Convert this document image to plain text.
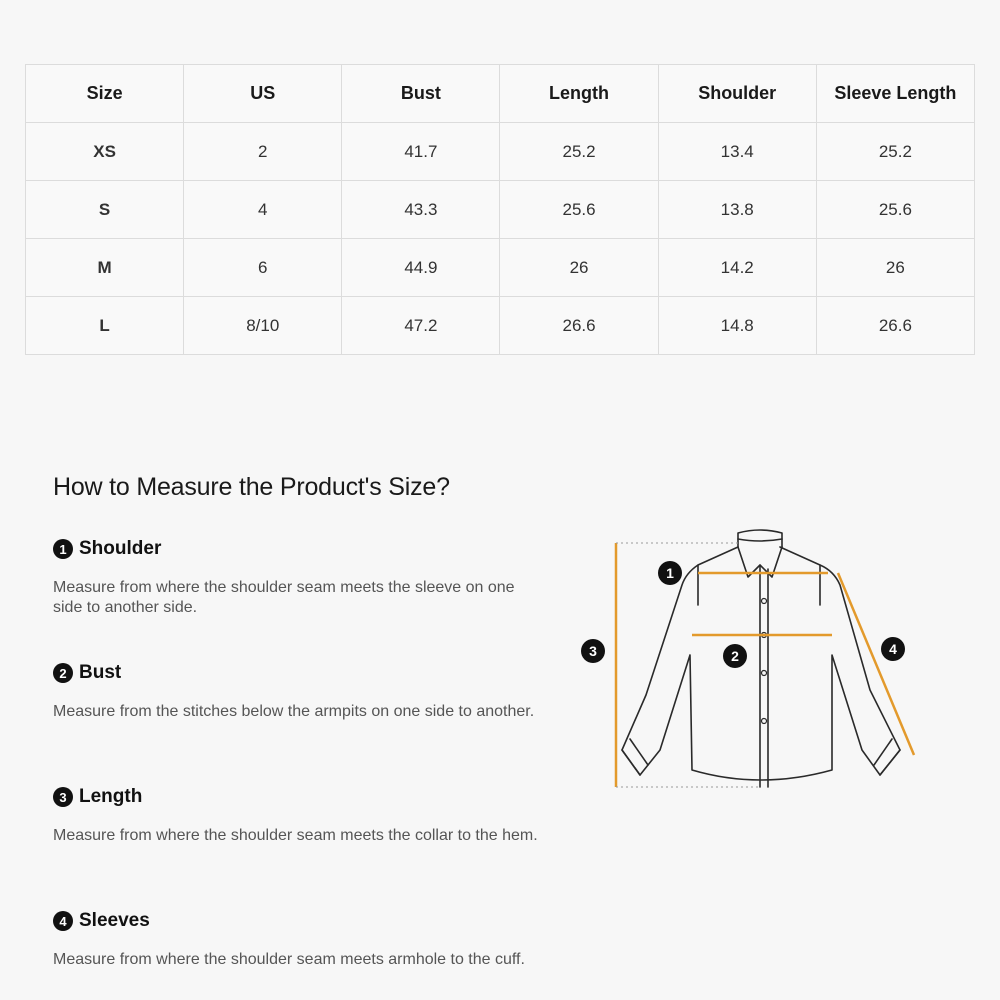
Size	US	Bust	Length	Shoulder	Sleeve Length
XS	2	41.7	25.2	13.4	25.2
S	4	43.3	25.6	13.8	25.6
M	6	44.9	26	14.2	26
L	8/10	47.2	26.6	14.8	26.6
How to Measure the Product's Size?
1 Shoulder
Measure from where the shoulder seam meets the sleeve on one side to another side.
2 Bust
Measure from the stitches below the armpits on one side to another.
3 Length
Measure from where the shoulder seam meets the collar to the hem.
4 Sleeves
Measure from where the shoulder seam meets armhole to the cuff.
1
2
3	4
